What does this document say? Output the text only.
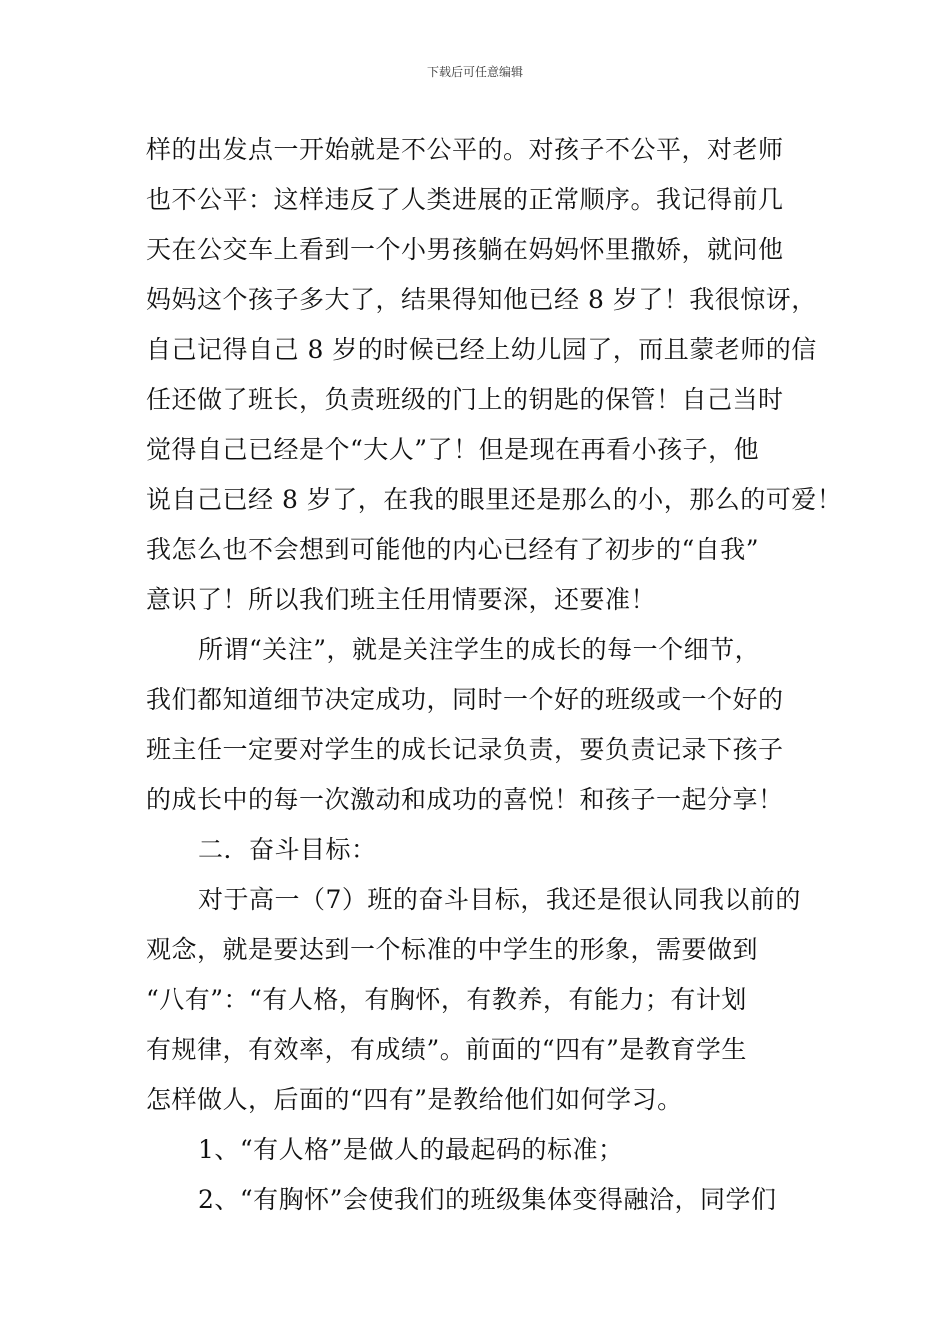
下载后可任意编辑
样的出发点一开始就是不公平的。对孩子不公平，对老师
也不公平：这样违反了人类进展的正常顺序。我记得前几
天在公交车上看到一个小男孩躺在妈妈怀里撒娇，就问他
妈妈这个孩子多大了，结果得知他已经 8 岁了！我很惊讶，
自己记得自己 8 岁的时候已经上幼儿园了，而且蒙老师的信
任还做了班长，负责班级的门上的钥匙的保管！自己当时
觉得自己已经是个“大人”了！但是现在再看小孩子，他
说自己已经 8 岁了，在我的眼里还是那么的小，那么的可爱！
我怎么也不会想到可能他的内心已经有了初步的“自我”
意识了！所以我们班主任用情要深，还要准！
所谓“关注”，就是关注学生的成长的每一个细节，
我们都知道细节决定成功，同时一个好的班级或一个好的
班主任一定要对学生的成长记录负责，要负责记录下孩子
的成长中的每一次激动和成功的喜悦！和孩子一起分享！
二．奋斗目标：
对于高一（7）班的奋斗目标，我还是很认同我以前的
观念，就是要达到一个标准的中学生的形象，需要做到
“八有”：“有人格，有胸怀，有教养，有能力；有计划
有规律，有效率，有成绩”。前面的“四有”是教育学生
怎样做人，后面的“四有”是教给他们如何学习。
1、“有人格”是做人的最起码的标准；
2、“有胸怀”会使我们的班级集体变得融洽，同学们
